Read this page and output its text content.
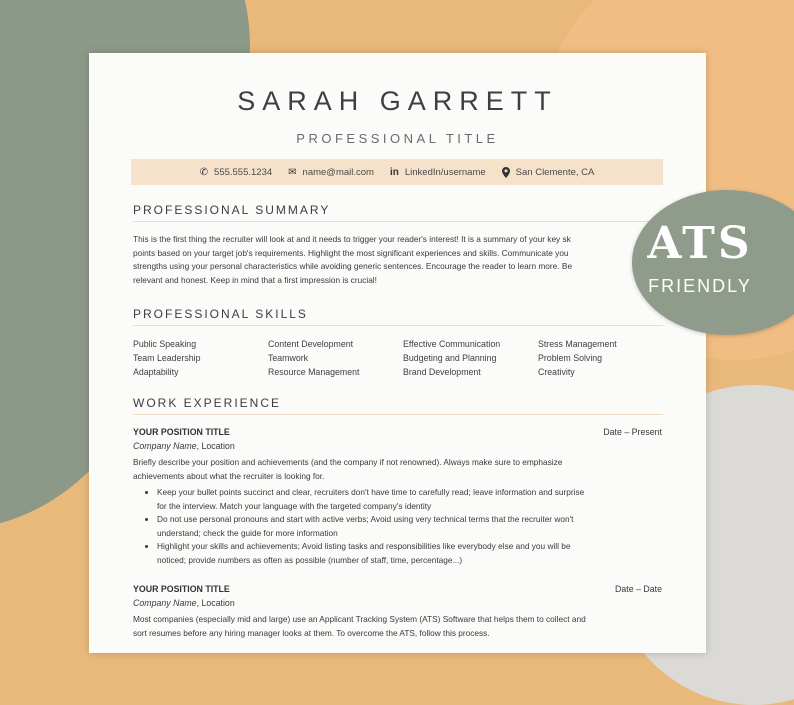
SARAH GARRETT
PROFESSIONAL TITLE
✆ 555.555.1234 ✉ name@mail.com in LinkedIn/username	San Clemente, CA
PROFESSIONAL SUMMARY
This is the first thing the recruiter will look at and it needs to trigger your reader's interest! It is a summary of your key sk
points based on your target job's requirements. Highlight the most significant experiences and skills. Communicate you
strengths using your personal characteristics while avoiding generic sentences. Encourage the reader to learn more. Be
relevant and honest. Keep in mind that a first impression is crucial!
PROFESSIONAL SKILLS
Public Speaking	Content Development	Effective Communication	Stress Management
Team Leadership	Teamwork	Budgeting and Planning	Problem Solving
Adaptability	Resource Management	Brand Development	Creativity
WORK EXPERIENCE
YOUR POSITION TITLE	Date – Present
Company Name, Location
Briefly describe your position and achievements (and the company if not renowned). Always make sure to emphasize
achievements about what the recruiter is looking for.
• Keep your bullet points succinct and clear, recruiters don't have time to carefully read; leave information and surprise
for the interview. Match your language with the targeted company's identity
• Do not use personal pronouns and start with active verbs; Avoid using very technical terms that the recruiter won't
understand; check the guide for more information
• Highlight your skills and achievements; Avoid listing tasks and responsibilities like everybody else and you will be
noticed; provide numbers as often as possible (number of staff, time, percentage...)
YOUR POSITION TITLE	Date – Date
Company Name, Location
Most companies (especially mid and large) use an Applicant Tracking System (ATS) Software that helps them to collect and
sort resumes before any hiring manager looks at them. To overcome the ATS, follow this process.
ATS
FRIENDLY
